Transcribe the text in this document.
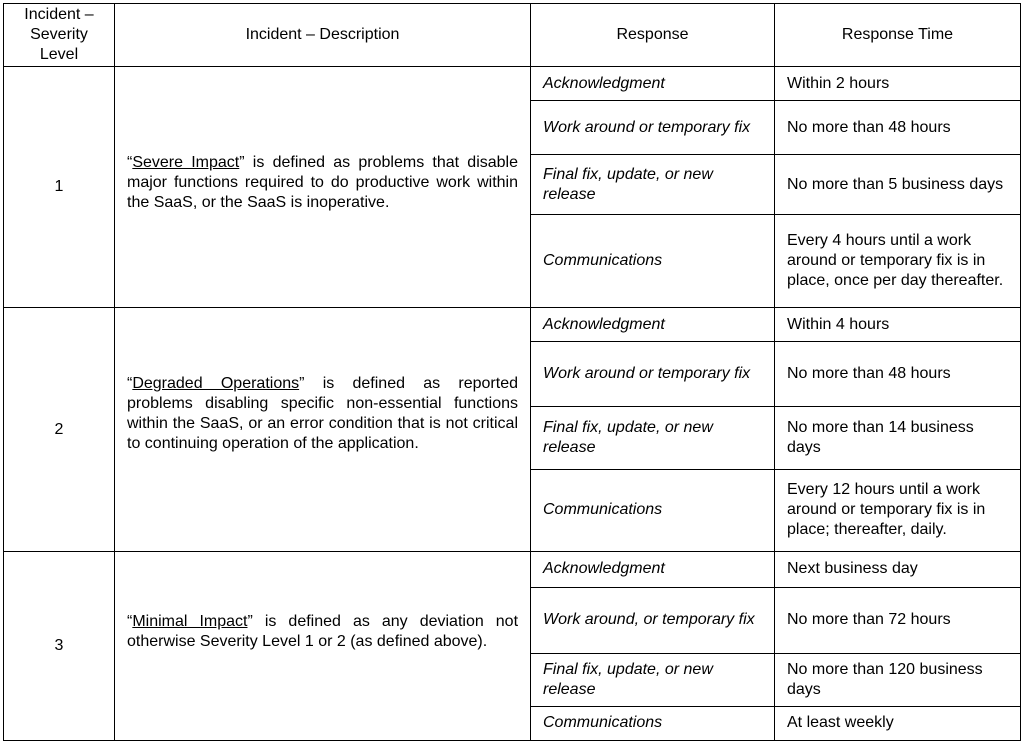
Incident – Severity Level	Incident – Description	Response	Response Time
1	“Severe Impact” is defined as problems that disable major functions required to do productive work within the SaaS, or the SaaS is inoperative.	Acknowledgment	Within 2 hours
		Work around or temporary fix	No more than 48 hours
		Final fix, update, or new release	No more than 5 business days
		Communications	Every 4 hours until a work around or temporary fix is in place, once per day thereafter.
2	“Degraded Operations” is defined as reported problems disabling specific non-essential functions within the SaaS, or an error condition that is not critical to continuing operation of the application.	Acknowledgment	Within 4 hours
		Work around or temporary fix	No more than 48 hours
		Final fix, update, or new release	No more than 14 business days
		Communications	Every 12 hours until a work around or temporary fix is in place; thereafter, daily.
3	“Minimal Impact” is defined as any deviation not otherwise Severity Level 1 or 2 (as defined above).	Acknowledgment	Next business day
		Work around, or temporary fix	No more than 72 hours
		Final fix, update, or new release	No more than 120 business days
		Communications	At least weekly
